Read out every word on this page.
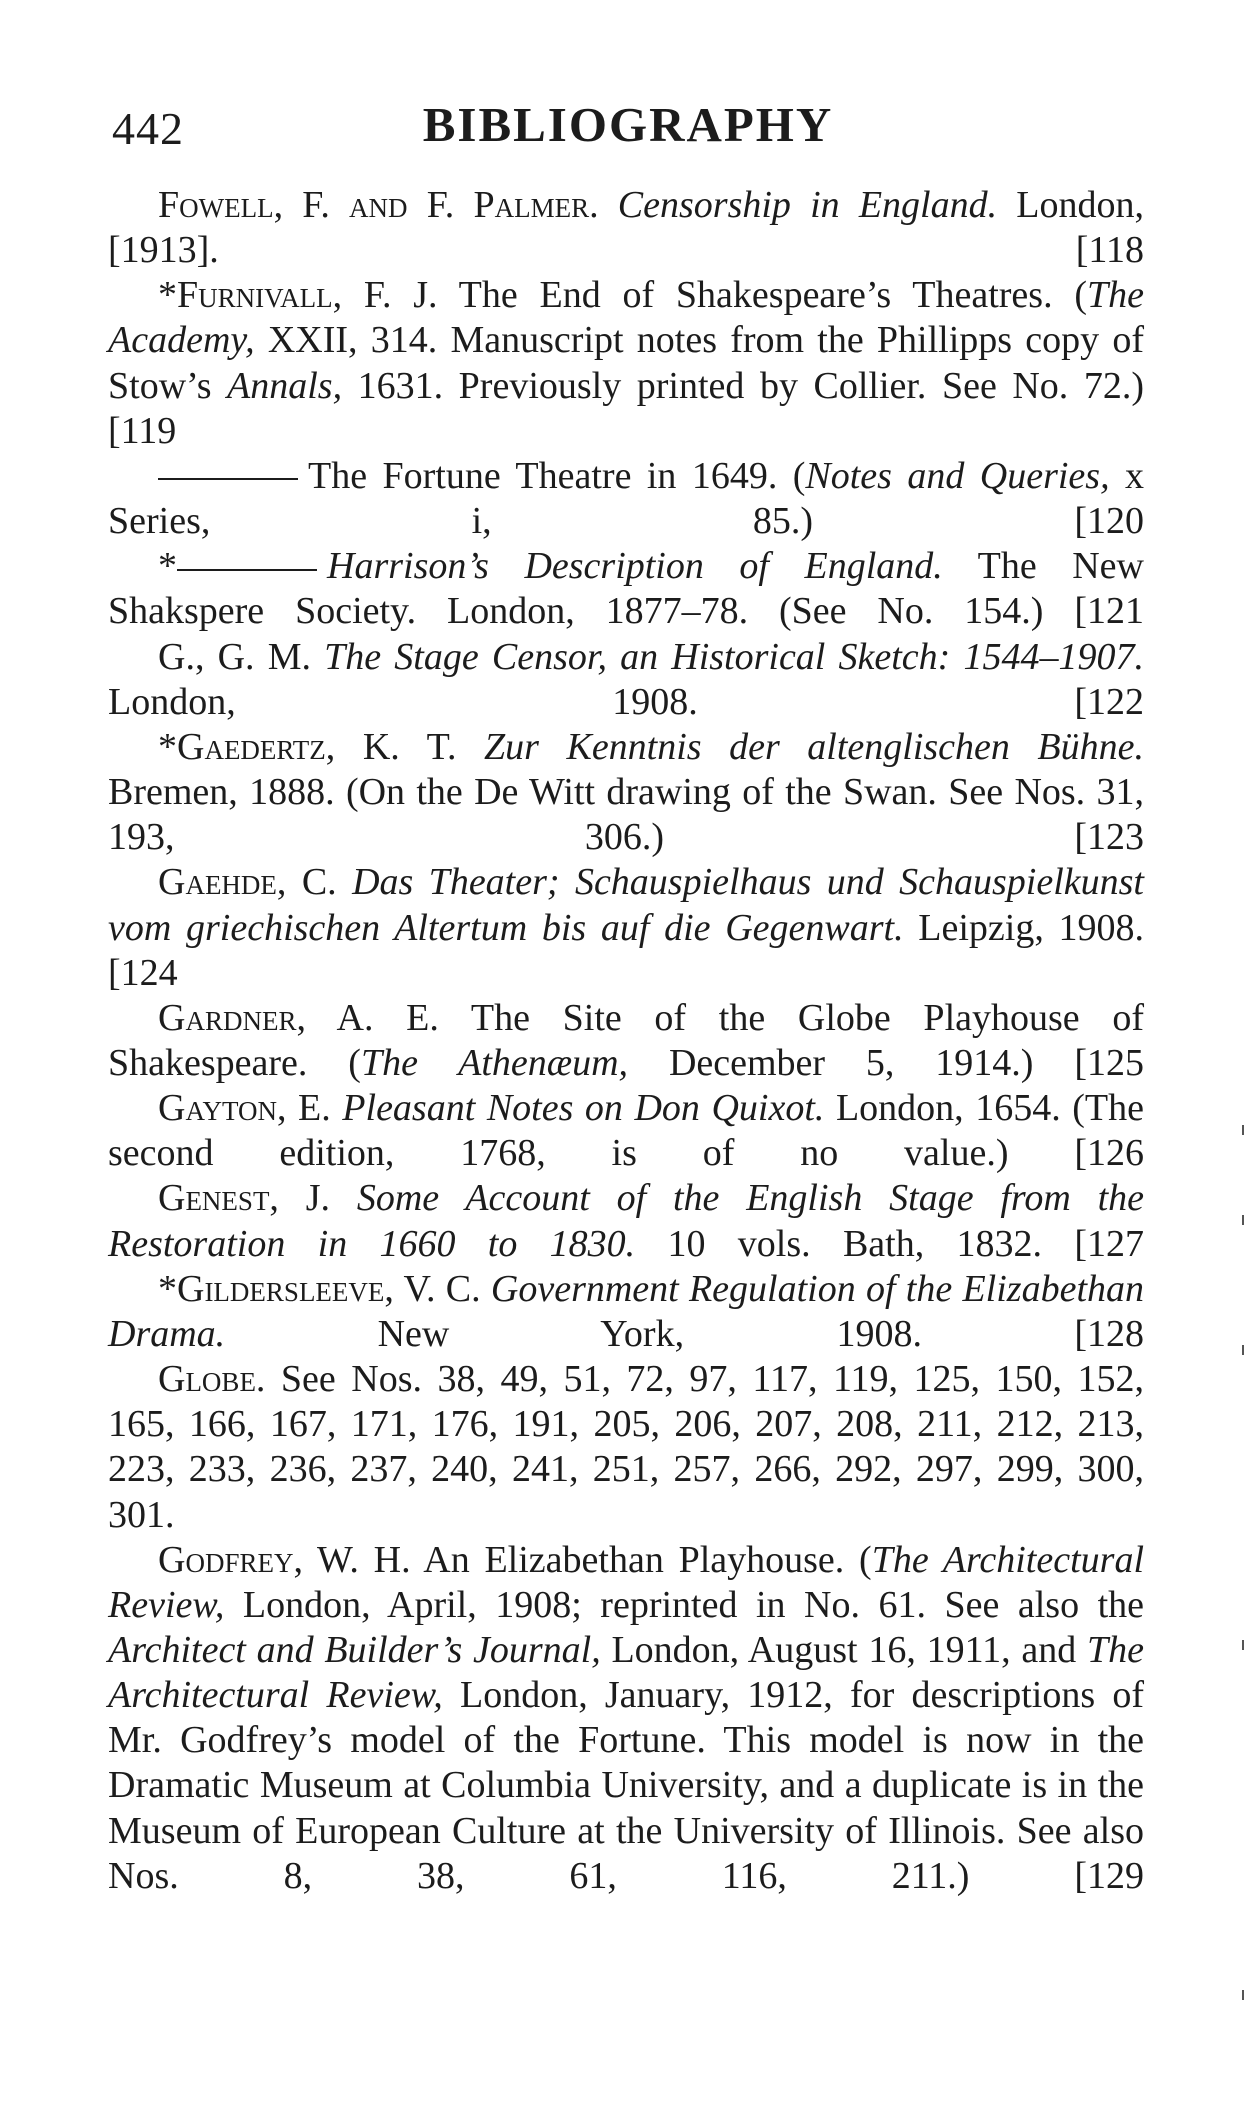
442	BIBLIOGRAPHY
Fowell, F. and F. Palmer. Censorship in England. London, [1913].	[118
*Furnivall, F. J. The End of Shakespeare’s Theatres. (The Academy, XXII, 314. Manuscript notes from the Phillipps copy of Stow’s Annals, 1631. Previously printed by Collier. See No. 72.) [119
The Fortune Theatre in 1649. (Notes and Queries, x Series, i, 85.)	[120
*	Harrison’s Description of England. The New Shakspere Society. London, 1877–78. (See No. 154.) [121
G., G. M. The Stage Censor, an Historical Sketch: 1544–1907. London, 1908.	[122
*Gaedertz, K. T. Zur Kenntnis der altenglischen Bühne. Bremen, 1888. (On the De Witt drawing of the Swan. See Nos. 31, 193, 306.)	[123
Gaehde, C. Das Theater; Schauspielhaus und Schauspielkunst vom griechischen Altertum bis auf die Gegenwart. Leipzig, 1908. [124
Gardner, A. E. The Site of the Globe Playhouse of Shakespeare. (The Athenæum, December 5, 1914.) [125
Gayton, E. Pleasant Notes on Don Quixot. London, 1654. (The second edition, 1768, is of no value.) [126
Genest, J. Some Account of the English Stage from the Restoration in 1660 to 1830. 10 vols. Bath, 1832. [127
*Gildersleeve, V. C. Government Regulation of the Elizabethan Drama. New York, 1908.	[128
Globe. See Nos. 38, 49, 51, 72, 97, 117, 119, 125, 150, 152, 165, 166, 167, 171, 176, 191, 205, 206, 207, 208, 211, 212, 213, 223, 233, 236, 237, 240, 241, 251, 257, 266, 292, 297, 299, 300, 301.
Godfrey, W. H. An Elizabethan Playhouse. (The Architectural Review, London, April, 1908; reprinted in No. 61. See also the Architect and Builder’s Journal, London, August 16, 1911, and The Architectural Review, London, January, 1912, for descriptions of Mr. Godfrey’s model of the Fortune. This model is now in the Dramatic Museum at Columbia University, and a duplicate is in the Museum of European Culture at the University of Illinois. See also Nos. 8, 38, 61, 116, 211.)	[129
